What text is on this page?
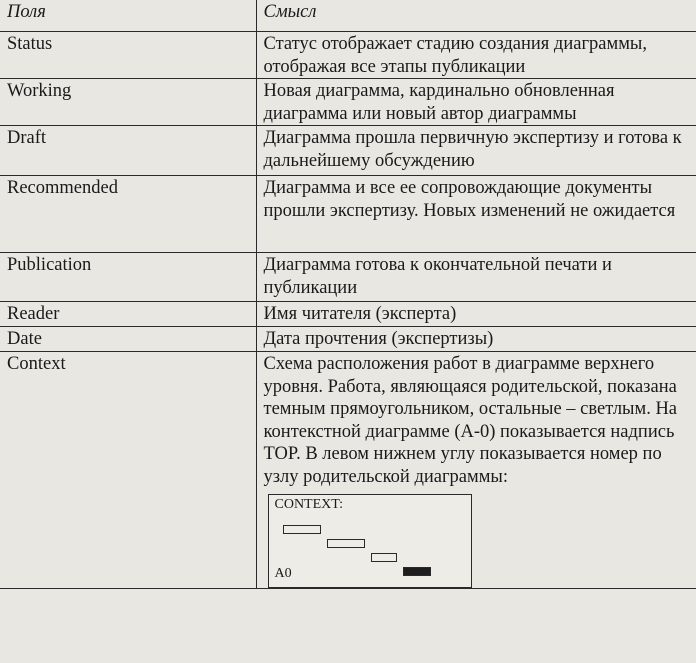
Поля	Смысл
Status	Статус отображает стадию создания диаграммы, отображая все этапы публикации
Working	Новая диаграмма, кардинально обновленная диаграмма или новый автор диаграммы
Draft	Диаграмма прошла первичную экспертизу и готова к дальнейшему обсуждению
Recommended	Диаграмма и все ее сопровождающие документы прошли экспертизу. Новых изменений не ожидается
Publication	Диаграмма готова к окончательной печати и публикации
Reader	Имя читателя (эксперта)
Date	Дата прочтения (экспертизы)
Context	Схема расположения работ в диаграмме верхнего уровня. Работа, являющаяся родительской, показана темным прямоугольником, остальные – светлым. На контекстной диаграмме (А-0) показывается надпись TOP. В левом нижнем углу показывается номер по узлу родительской диаграммы:
CONTEXT:
A0
